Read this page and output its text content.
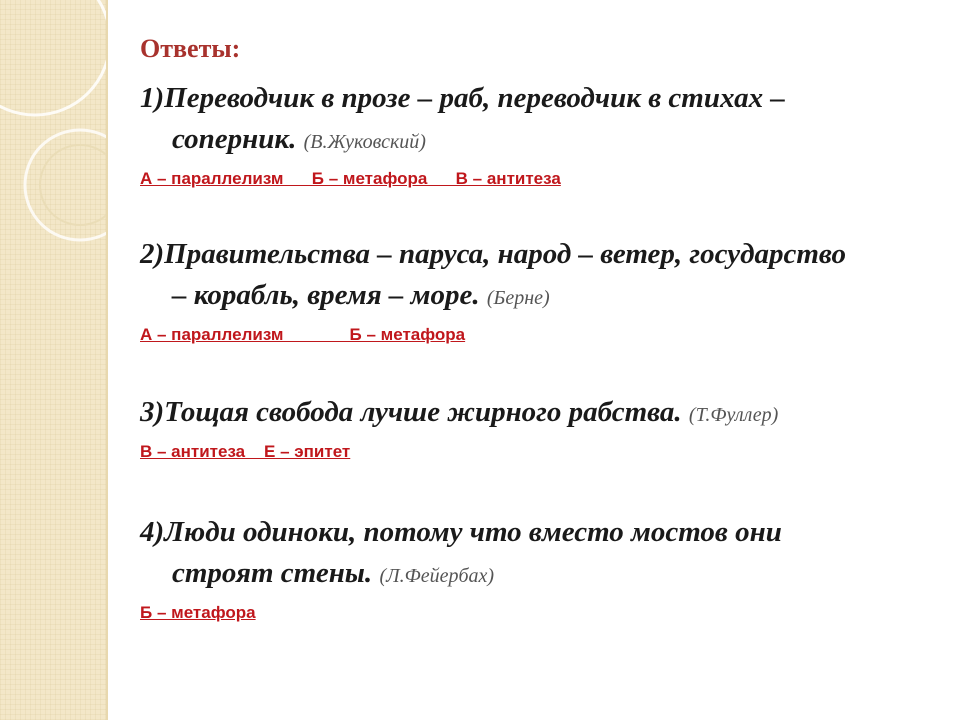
Ответы:
1)Переводчик в прозе – раб, переводчик в стихах –
соперник. (В.Жуковский)
А – параллелизм      Б – метафора      В – антитеза
2)Правительства – паруса, народ – ветер, государство
– корабль, время – море. (Берне)
А – параллелизм              Б – метафора
3)Тощая свобода лучше жирного рабства. (Т.Фуллер)
В – антитеза    Е – эпитет
4)Люди одиноки, потому что вместо мостов они
строят стены. (Л.Фейербах)
Б – метафора
